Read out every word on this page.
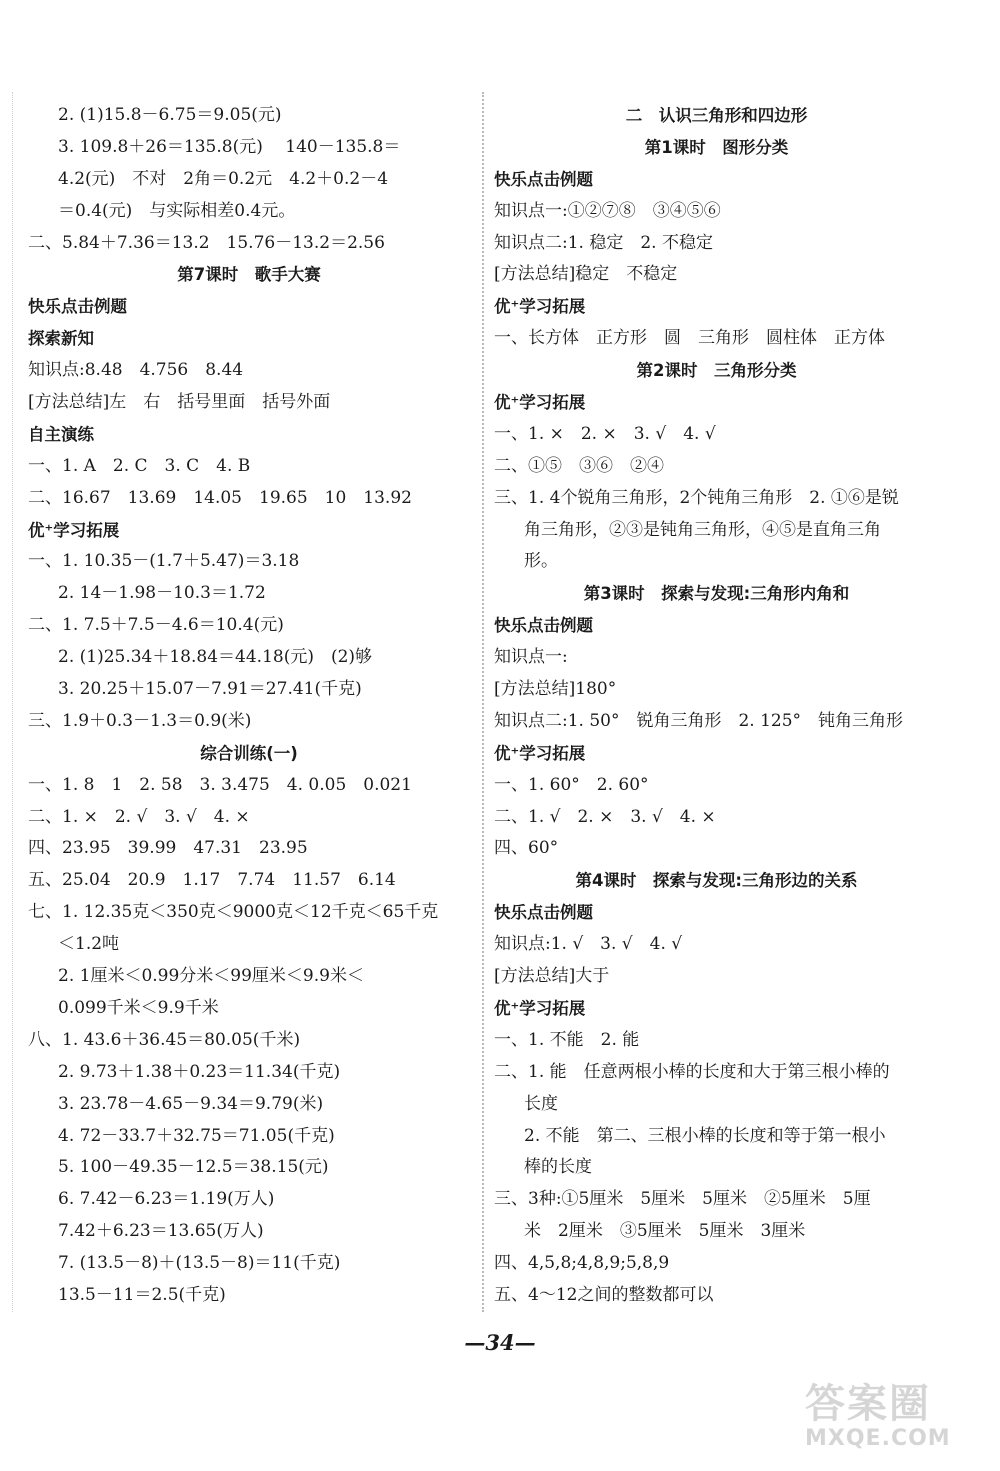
2. (1)15.8－6.75＝9.05(元)
3. 109.8＋26＝135.8(元)　 140－135.8＝
4.2(元)　不对　2角＝0.2元　4.2＋0.2－4
＝0.4(元)　与实际相差0.4元。
二、5.84＋7.36＝13.2　15.76－13.2＝2.56
第7课时　歌手大赛
快乐点击例题
探索新知
知识点:8.48　4.756　8.44
[方法总结]左　右　括号里面　括号外面
自主演练
一、1. A　2. C　3. C　4. B
二、16.67　13.69　14.05　19.65　10　13.92
优⁺学习拓展
一、1. 10.35－(1.7＋5.47)＝3.18
2. 14－1.98－10.3＝1.72
二、1. 7.5＋7.5－4.6＝10.4(元)
2. (1)25.34＋18.84＝44.18(元)　(2)够
3. 20.25＋15.07－7.91＝27.41(千克)
三、1.9＋0.3－1.3＝0.9(米)
综合训练(一)
一、1. 8　1　2. 58　3. 3.475　4. 0.05　0.021
二、1. ×　2. √　3. √　4. ×
四、23.95　39.99　47.31　23.95
五、25.04　20.9　1.17　7.74　11.57　6.14
七、1. 12.35克＜350克＜9000克＜12千克＜65千克
＜1.2吨
2. 1厘米＜0.99分米＜99厘米＜9.9米＜
0.099千米＜9.9千米
八、1. 43.6＋36.45＝80.05(千米)
2. 9.73＋1.38＋0.23＝11.34(千克)
3. 23.78－4.65－9.34＝9.79(米)
4. 72－33.7＋32.75＝71.05(千克)
5. 100－49.35－12.5＝38.15(元)
6. 7.42－6.23＝1.19(万人)
7.42＋6.23＝13.65(万人)
7. (13.5－8)＋(13.5－8)＝11(千克)
13.5－11＝2.5(千克)
二　认识三角形和四边形
第1课时　图形分类
快乐点击例题
知识点一:①②⑦⑧　③④⑤⑥
知识点二:1. 稳定　2. 不稳定
[方法总结]稳定　不稳定
优⁺学习拓展
一、长方体　正方形　圆　三角形　圆柱体　正方体
第2课时　三角形分类
优⁺学习拓展
一、1. ×　2. ×　3. √　4. √
二、①⑤　③⑥　②④
三、1. 4个锐角三角形，2个钝角三角形　2. ①⑥是锐
角三角形，②③是钝角三角形，④⑤是直角三角
形。
第3课时　探索与发现:三角形内角和
快乐点击例题
知识点一:
[方法总结]180°
知识点二:1. 50°　锐角三角形　2. 125°　钝角三角形
优⁺学习拓展
一、1. 60°　2. 60°
二、1. √　2. ×　3. √　4. ×
四、60°
第4课时　探索与发现:三角形边的关系
快乐点击例题
知识点:1. √　3. √　4. √
[方法总结]大于
优⁺学习拓展
一、1. 不能　2. 能
二、1. 能　任意两根小棒的长度和大于第三根小棒的
长度
2. 不能　第二、三根小棒的长度和等于第一根小
棒的长度
三、3种:①5厘米　5厘米　5厘米　②5厘米　5厘
米　2厘米　③5厘米　5厘米　3厘米
四、4,5,8;4,8,9;5,8,9
五、4～12之间的整数都可以
—34—
答案圈
MXQE.COM
